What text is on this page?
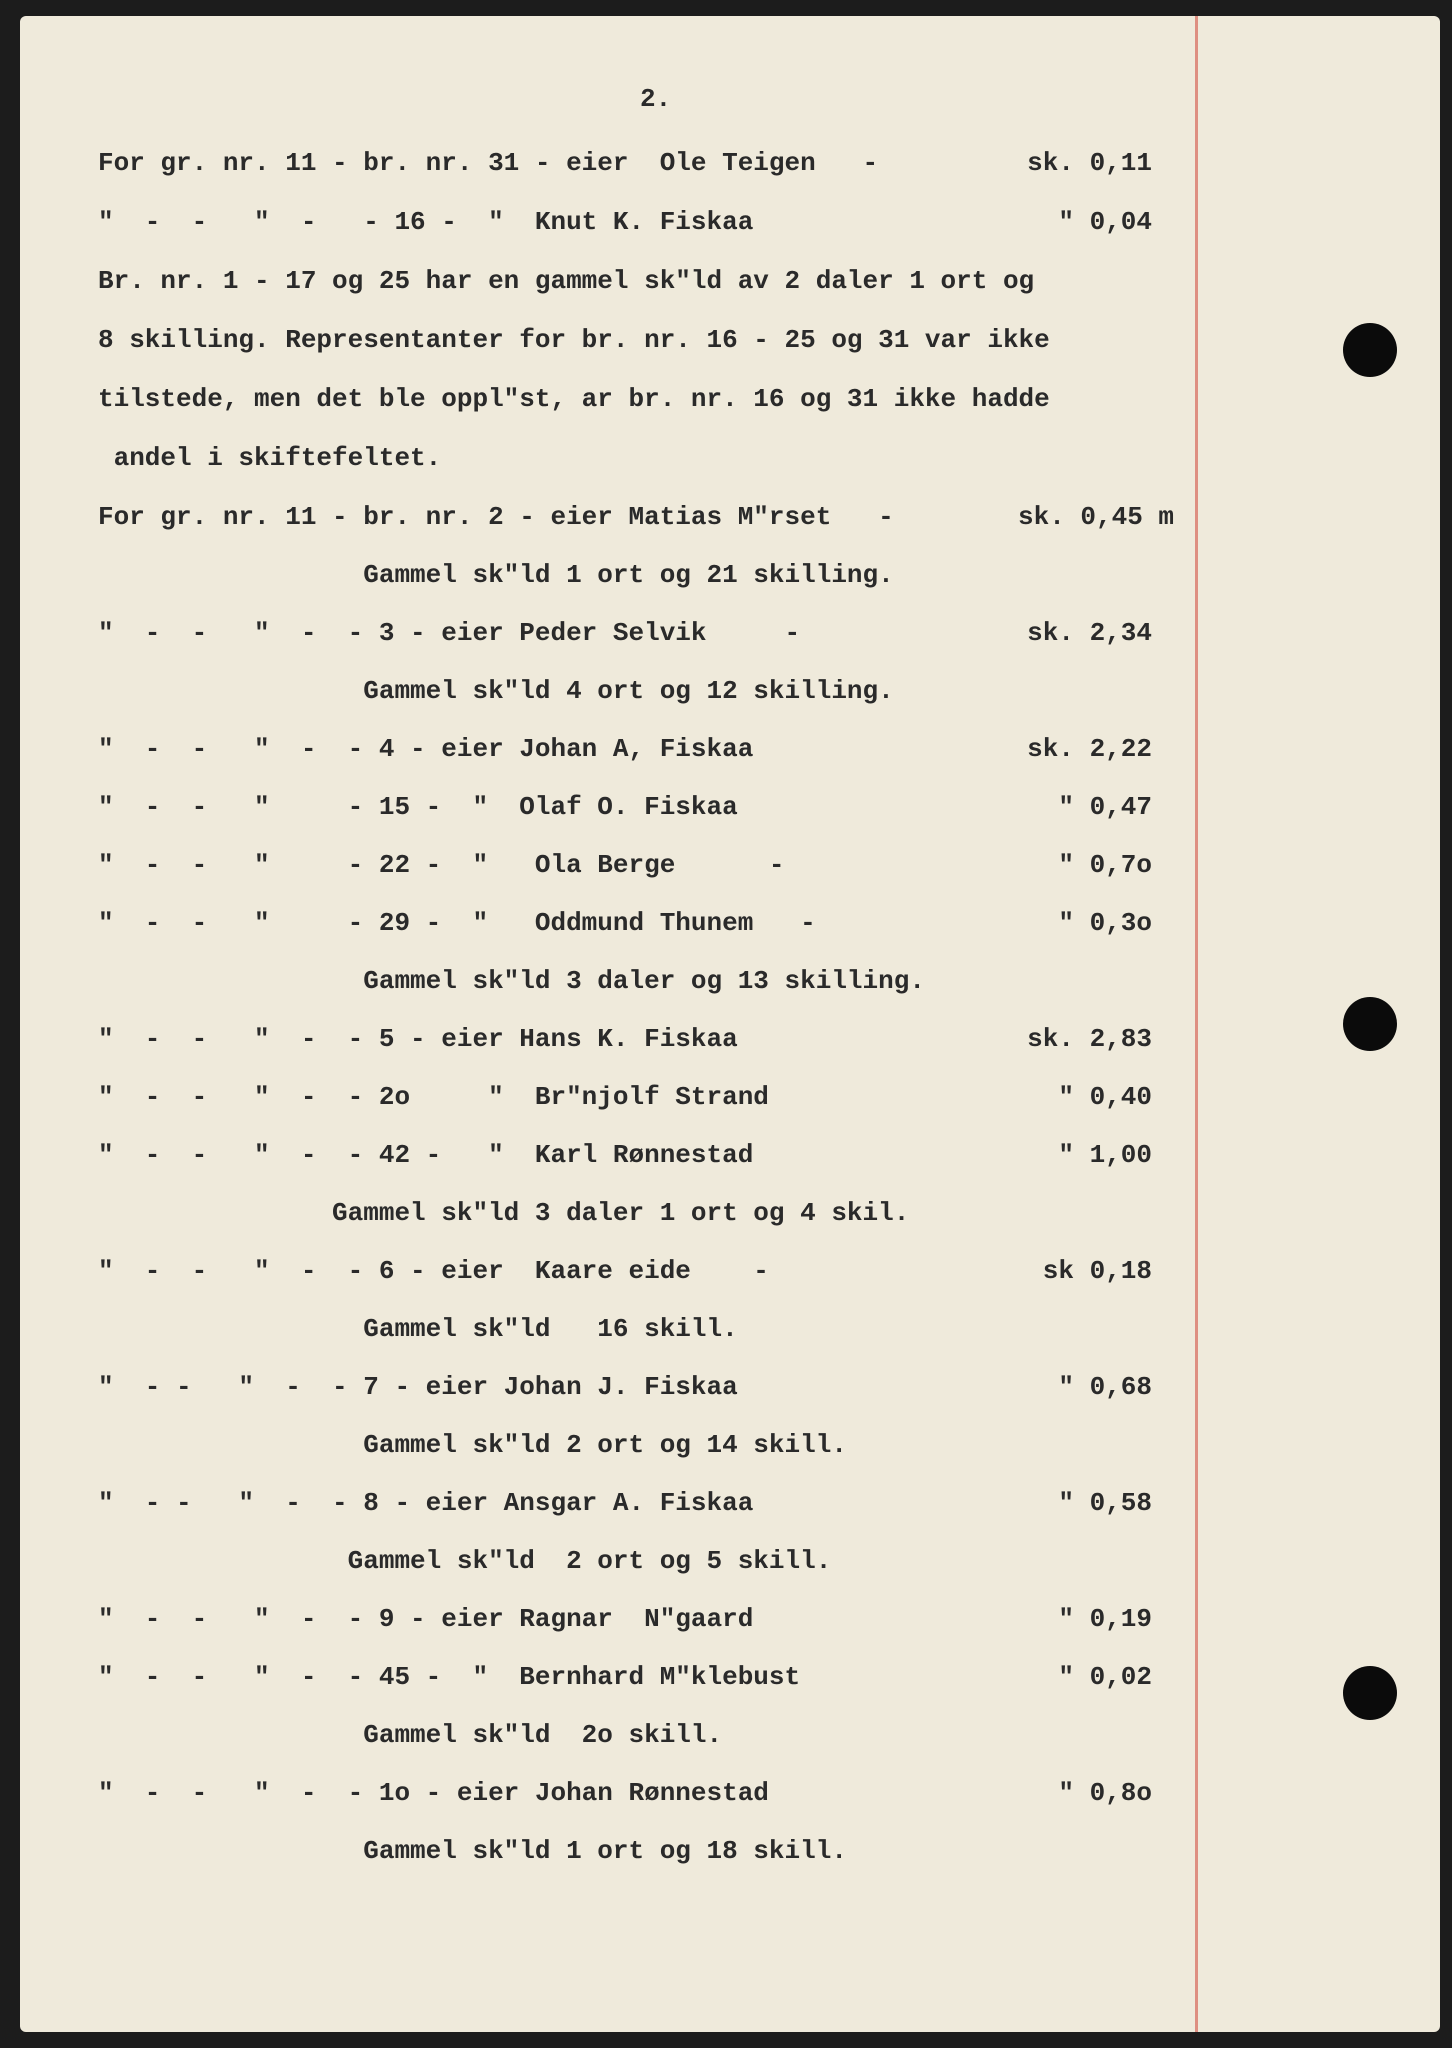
2.
For gr. nr. 11 - br. nr. 31 - eier  Ole Teigen   -	sk. 0,11
"  -  -   "  -   - 16 -  "  Knut K. Fiskaa	" 0,04
Br. nr. 1 - 17 og 25 har en gammel sk"ld av 2 daler 1 ort og
8 skilling. Representanter for br. nr. 16 - 25 og 31 var ikke
tilstede, men det ble oppl"st, ar br. nr. 16 og 31 ikke hadde
andel i skiftefeltet.
For gr. nr. 11 - br. nr. 2 - eier Matias M"rset   -	sk. 0,45 m
Gammel sk"ld 1 ort og 21 skilling.
"  -  -   "  -  - 3 - eier Peder Selvik     -	sk. 2,34
Gammel sk"ld 4 ort og 12 skilling.
"  -  -   "  -  - 4 - eier Johan A, Fiskaa	sk. 2,22
"  -  -   "     - 15 -  "  Olaf O. Fiskaa	" 0,47
"  -  -   "     - 22 -  "   Ola Berge      -	" 0,7o
"  -  -   "     - 29 -  "   Oddmund Thunem   -	" 0,3o
Gammel sk"ld 3 daler og 13 skilling.
"  -  -   "  -  - 5 - eier Hans K. Fiskaa	sk. 2,83
"  -  -   "  -  - 2o     "  Br"njolf Strand	" 0,40
"  -  -   "  -  - 42 -   "  Karl Rønnestad	" 1,00
Gammel sk"ld 3 daler 1 ort og 4 skil.
"  -  -   "  -  - 6 - eier  Kaare eide    -	sk 0,18
Gammel sk"ld   16 skill.
"  - -   "  -  - 7 - eier Johan J. Fiskaa	" 0,68
Gammel sk"ld 2 ort og 14 skill.
"  - -   "  -  - 8 - eier Ansgar A. Fiskaa	" 0,58
Gammel sk"ld  2 ort og 5 skill.
"  -  -   "  -  - 9 - eier Ragnar  N"gaard	" 0,19
"  -  -   "  -  - 45 -  "  Bernhard M"klebust	" 0,02
Gammel sk"ld  2o skill.
"  -  -   "  -  - 1o - eier Johan Rønnestad	" 0,8o
Gammel sk"ld 1 ort og 18 skill.
